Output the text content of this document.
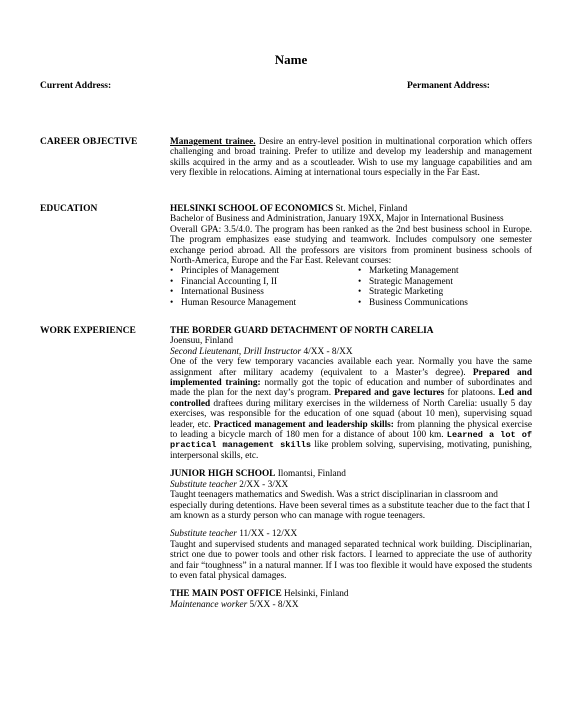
Name
Current Address:	Permanent Address:
CAREER OBJECTIVE	Management trainee. Desire an entry-level position in multinational corporation which offers challenging and broad training. Prefer to utilize and develop my leadership and management skills acquired in the army and as a scoutleader. Wish to use my language capabilities and am very flexible in relocations. Aiming at international tours especially in the Far East.

EDUCATION	HELSINKI SCHOOL OF ECONOMICS St. Michel, Finland

Bachelor of Business and Administration, January 19XX, Major in International Business

Overall GPA: 3.5/4.0. The program has been ranked as the 2nd best business school in Europe. The program emphasizes ease studying and teamwork. Includes compulsory one semester exchange period abroad. All the professors are visitors from prominent business schools of North-America, Europe and the Far East. Relevant courses:

• Principles of Management
• Financial Accounting I, II
• International Business
• Human Resource Management
• Marketing Management
• Strategic Management
• Strategic Marketing
• Business Communications
WORK EXPERIENCE	THE BORDER GUARD DETACHMENT OF NORTH CARELIA

Joensuu, Finland

Second Lieutenant, Drill Instructor 4/XX - 8/XX

One of the very few temporary vacancies available each year. Normally you have the same assignment after military academy (equivalent to a Master’s degree). Prepared and implemented training: normally got the topic of education and number of subordinates and made the plan for the next day’s program. Prepared and gave lectures for platoons. Led and controlled draftees during military exercises in the wilderness of North Carelia: usually 5 day exercises, was responsible for the education of one squad (about 10 men), supervising squad leader, etc. Practiced management and leadership skills: from planning the physical exercise to leading a bicycle march of 180 men for a distance of about 100 km. Learned a lot of practical management skills like problem solving, supervising, motivating, punishing, interpersonal skills, etc.

JUNIOR HIGH SCHOOL Ilomantsi, Finland

Substitute teacher 2/XX - 3/XX

Taught teenagers mathematics and Swedish. Was a strict disciplinarian in classroom and especially during detentions. Have been several times as a substitute teacher due to the fact that I am known as a sturdy person who can manage with rogue teenagers.

Substitute teacher 11/XX - 12/XX

Taught and supervised students and managed separated technical work building. Disciplinarian, strict one due to power tools and other risk factors. I learned to appreciate the use of authority and fair “toughness” in a natural manner. If I was too flexible it would have exposed the students to even fatal physical damages.

THE MAIN POST OFFICE Helsinki, Finland

Maintenance worker 5/XX - 8/XX
